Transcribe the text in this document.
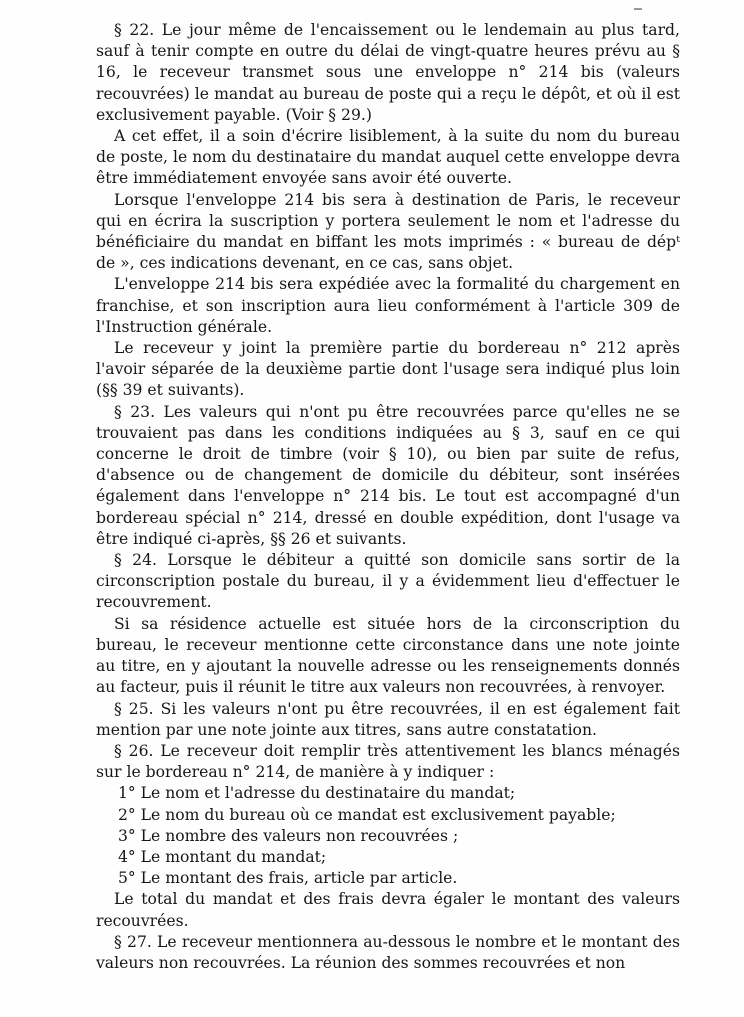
§ 22. Le jour même de l'encaissement ou le lendemain au plus tard, sauf à tenir compte en outre du délai de vingt-quatre heures prévu au § 16, le receveur transmet sous une enveloppe n° 214 bis (valeurs recouvrées) le mandat au bureau de poste qui a reçu le dépôt, et où il est exclusivement payable. (Voir § 29.)

A cet effet, il a soin d'écrire lisiblement, à la suite du nom du bureau de poste, le nom du destinataire du mandat auquel cette enveloppe devra être immédiatement envoyée sans avoir été ouverte.

Lorsque l'enveloppe 214 bis sera à destination de Paris, le receveur qui en écrira la suscription y portera seulement le nom et l'adresse du bénéficiaire du mandat en biffant les mots imprimés : « bureau de dépᵗ de », ces indications devenant, en ce cas, sans objet.

L'enveloppe 214 bis sera expédiée avec la formalité du chargement en franchise, et son inscription aura lieu conformément à l'article 309 de l'Instruction générale.

Le receveur y joint la première partie du bordereau n° 212 après l'avoir séparée de la deuxième partie dont l'usage sera indiqué plus loin (§§ 39 et suivants).

§ 23. Les valeurs qui n'ont pu être recouvrées parce qu'elles ne se trouvaient pas dans les conditions indiquées au § 3, sauf en ce qui concerne le droit de timbre (voir § 10), ou bien par suite de refus, d'absence ou de changement de domicile du débiteur, sont insérées également dans l'enveloppe n° 214 bis. Le tout est accompagné d'un bordereau spécial n° 214, dressé en double expédition, dont l'usage va être indiqué ci-après, §§ 26 et suivants.

§ 24. Lorsque le débiteur a quitté son domicile sans sortir de la circonscription postale du bureau, il y a évidemment lieu d'effectuer le recouvrement.

Si sa résidence actuelle est située hors de la circonscription du bureau, le receveur mentionne cette circonstance dans une note jointe au titre, en y ajoutant la nouvelle adresse ou les renseignements donnés au facteur, puis il réunit le titre aux valeurs non recouvrées, à renvoyer.

§ 25. Si les valeurs n'ont pu être recouvrées, il en est également fait mention par une note jointe aux titres, sans autre constatation.

§ 26. Le receveur doit remplir très attentivement les blancs ménagés sur le bordereau n° 214, de manière à y indiquer :

1° Le nom et l'adresse du destinataire du mandat;

2° Le nom du bureau où ce mandat est exclusivement payable;

3° Le nombre des valeurs non recouvrées ;

4° Le montant du mandat;

5° Le montant des frais, article par article.

Le total du mandat et des frais devra égaler le montant des valeurs recouvrées.

§ 27. Le receveur mentionnera au-dessous le nombre et le montant des valeurs non recouvrées. La réunion des sommes recouvrées et non
